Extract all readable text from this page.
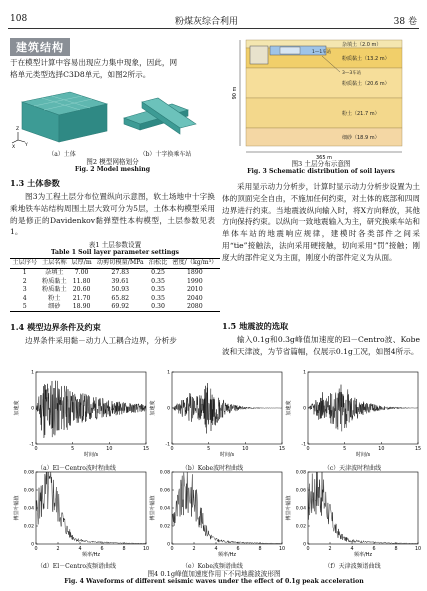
108	粉煤灰综合利用	38 卷
建筑结构
于在模型计算中容易出现应力集中现象，因此，网
格单元类型选择C3D8单元，如图2所示。
Z
Y
X
（a）土体	（b）十字换乘车站
图2 模型网格划分
Fig. 2 Model meshing
1.3 土体参数
图3为工程土层分布位置纵向示意图，软土场地中十字换乘地铁车站结构周围土层大致可分为5层，土体本构模型采用的是修正的Davidenkov黏弹塑性本构模型，土层参数见表1。
表1 土层参数设置
Table 1 Soil layer parameter settings
土层序号	土层名称	层厚/m	动剪切模量/MPa	泊松比	密度/（kg/m³）

1	杂填土	7.00	27.83	0.25	1890
2	粉质黏土	11.80	39.61	0.35	1990
3	粉质黏土	20.60	50.93	0.35	2010
4	粉土	21.70	65.82	0.35	2040
5	细砂	18.90	69.92	0.30	2080
1.4 模型边界条件及约束
边界条件采用黏－动力人工耦合边界，分析步
杂填土（2.0 m）
粉质黏土（13.2 m）
粉质黏土（20.6 m）
粉土（21.7 m）
细砂（18.9 m）
1—1车站
3—3车站
90 m
365 m
图3 土层分布示意图
Fig. 3 Schematic distribution of soil layers
采用显示动力分析步，计算时显示动力分析步设置为土体的顶面完全自由，不施加任何约束，对土体的底部和四周边界进行约束。当地震波纵向输入时，将X方向释放，其他方向保持约束。以纵向一致地震输入为主，研究换乘车站和单体车站的地震响应规律，建模时各类部件之间采用“tie”接触法，法向采用硬接触，切向采用“罚”接触；刚度大的部件定义为主面，刚度小的部件定义为从面。
1.5 地震波的选取
输入0.1g和0.3g峰值加速度的El－Centro波、Kobe波和天津波，为节省篇幅，仅展示0.1g工况，如图4所示。
0	5	10	15
-1
0
1
时间/s
加速度
0	5	10	15
-1
0
1
时间/s
加速度
0	5	10	15
-1
0
1
时间/s
加速度
0	2	4	6	8	10
0
0.02
0.04
0.06
0.08
频率/Hz
傅里叶幅值
0	2	4	6	8	10
0
0.02
0.04
0.06
0.08
频率/Hz
傅里叶幅值
0	2	4	6	8	10
0
0.02
0.04
0.06
0.08
频率/Hz
傅里叶幅值
（a）El－Centro波时程曲线	（b）Kobe波时程曲线	（c）天津波时程曲线
（d）El－Centro波频谱曲线	（e）Kobe波频谱曲线	（f）天津波频谱曲线
图4 0.1g峰值加速度作用下不同地震波波形图
Fig. 4 Waveforms of different seismic waves under the effect of 0.1g peak acceleration
